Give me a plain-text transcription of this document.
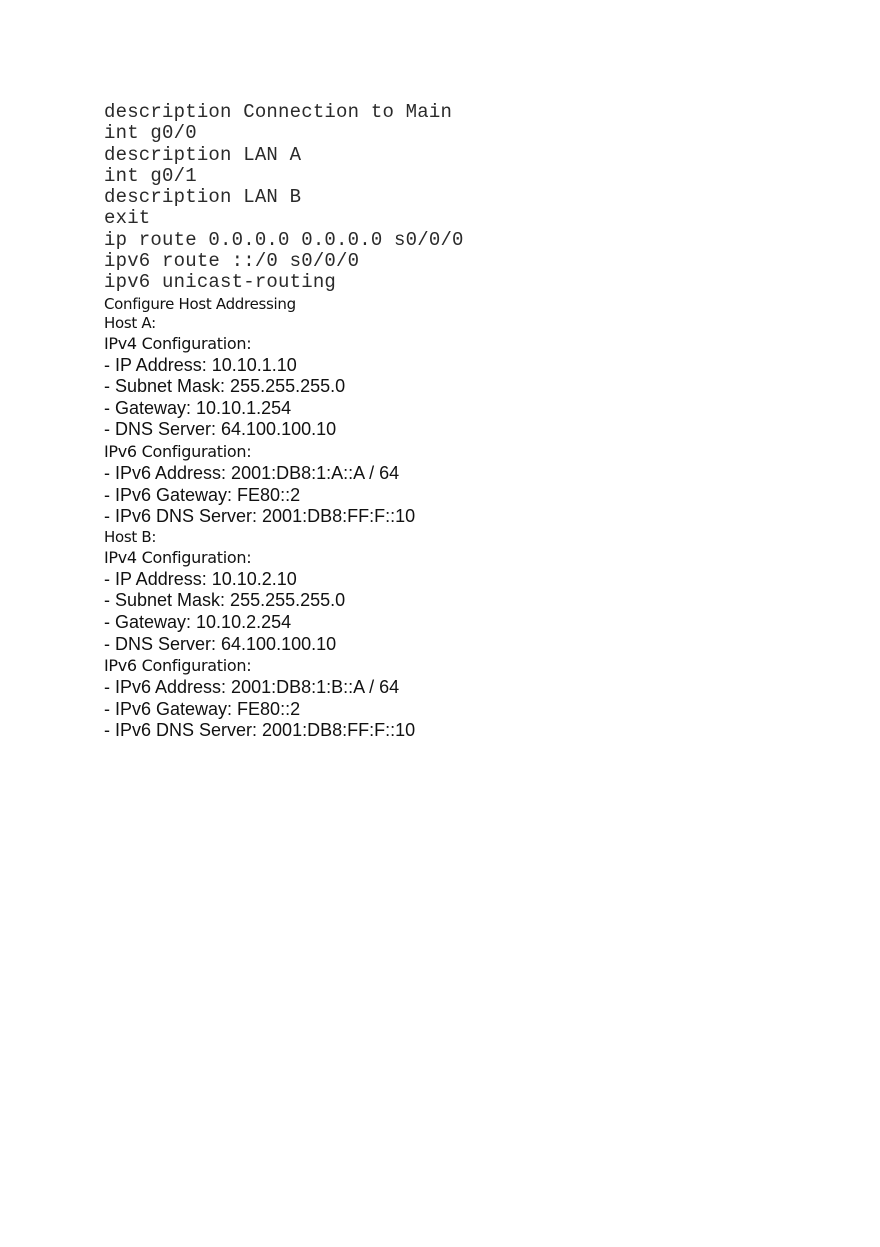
description Connection to Main
int g0/0
description LAN A
int g0/1
description LAN B
exit
ip route 0.0.0.0 0.0.0.0 s0/0/0
ipv6 route ::/0 s0/0/0
ipv6 unicast-routing
Configure Host Addressing
Host A:
IPv4 Configuration:
- IP Address: 10.10.1.10
- Subnet Mask: 255.255.255.0
- Gateway: 10.10.1.254
- DNS Server: 64.100.100.10
IPv6 Configuration:
- IPv6 Address: 2001:DB8:1:A::A / 64
- IPv6 Gateway: FE80::2
- IPv6 DNS Server: 2001:DB8:FF:F::10
Host B:
IPv4 Configuration:
- IP Address: 10.10.2.10
- Subnet Mask: 255.255.255.0
- Gateway: 10.10.2.254
- DNS Server: 64.100.100.10
IPv6 Configuration:
- IPv6 Address: 2001:DB8:1:B::A / 64
- IPv6 Gateway: FE80::2
- IPv6 DNS Server: 2001:DB8:FF:F::10
